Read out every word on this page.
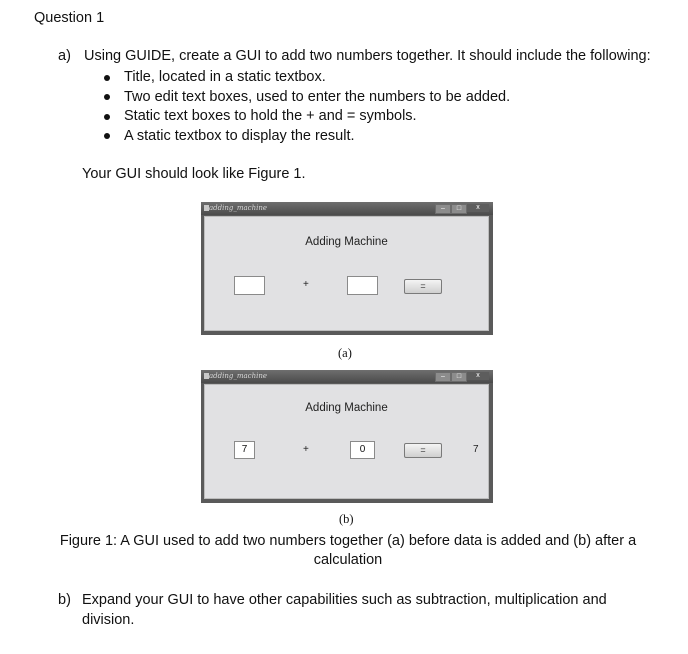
Question 1
a) Using GUIDE, create a GUI to add two numbers together. It should include the following:
Title, located in a static textbox.
Two edit text boxes, used to enter the numbers to be added.
Static text boxes to hold the + and = symbols.
A static textbox to display the result.
Your GUI should look like Figure 1.
adding_machine	–	□	x
Adding Machine
+	=
(a)
adding_machine	–	□	x
Adding Machine
7	+	0	=	7
(b)
Figure 1: A GUI used to add two numbers together (a) before data is added and (b) after a calculation
b) Expand your GUI to have other capabilities such as subtraction, multiplication and
division.
